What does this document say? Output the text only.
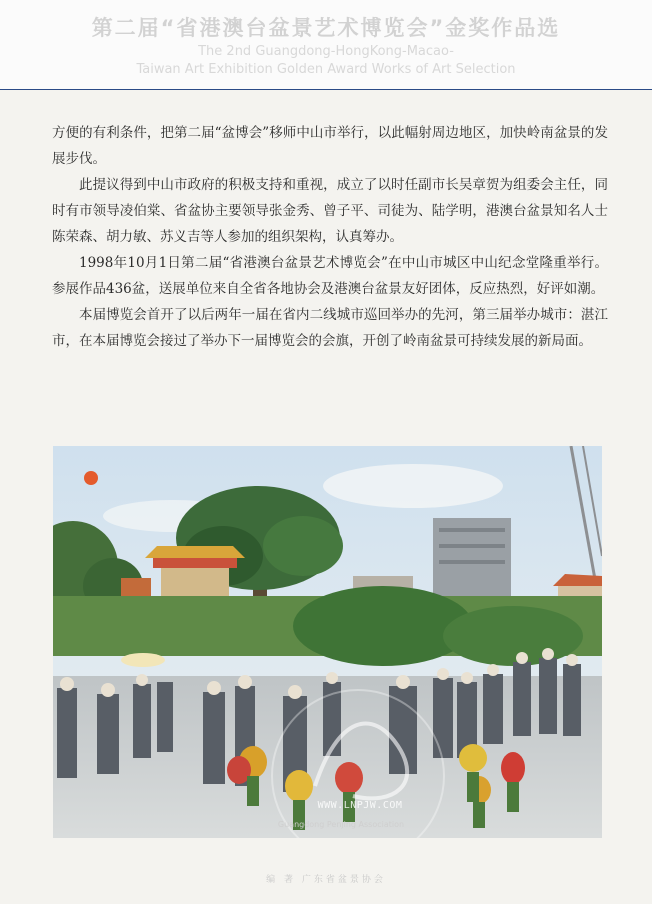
第二届“省港澳台盆景艺术博览会”金奖作品选
The 2nd Guangdong-HongKong-Macao-
Taiwan Art Exhibition Golden Award Works of Art Selection

方便的有利条件，把第二届“盆博会”移师中山市举行，以此幅射周边地区，加快岭南盆景的发展步伐。

此提议得到中山市政府的积极支持和重视，成立了以时任副市长吴章贺为组委会主任，同时有市领导凌伯棠、省盆协主要领导张金秀、曾子平、司徒为、陆学明，港澳台盆景知名人士陈荣森、胡力敏、苏义吉等人参加的组织架构，认真筹办。

1998年10月1日第二届“省港澳台盆景艺术博览会”在中山市城区中山纪念堂隆重举行。参展作品436盆，送展单位来自全省各地协会及港澳台盆景友好团体，反应热烈，好评如潮。

本届博览会首开了以后两年一届在省内二线城市巡回举办的先河，第三届举办城市：湛江市，在本届博览会接过了举办下一届博览会的会旗，开创了岭南盆景可持续发展的新局面。

WWW.LNPJW.COM
Guangdong Penjing Association
编 著 广东省盆景协会
